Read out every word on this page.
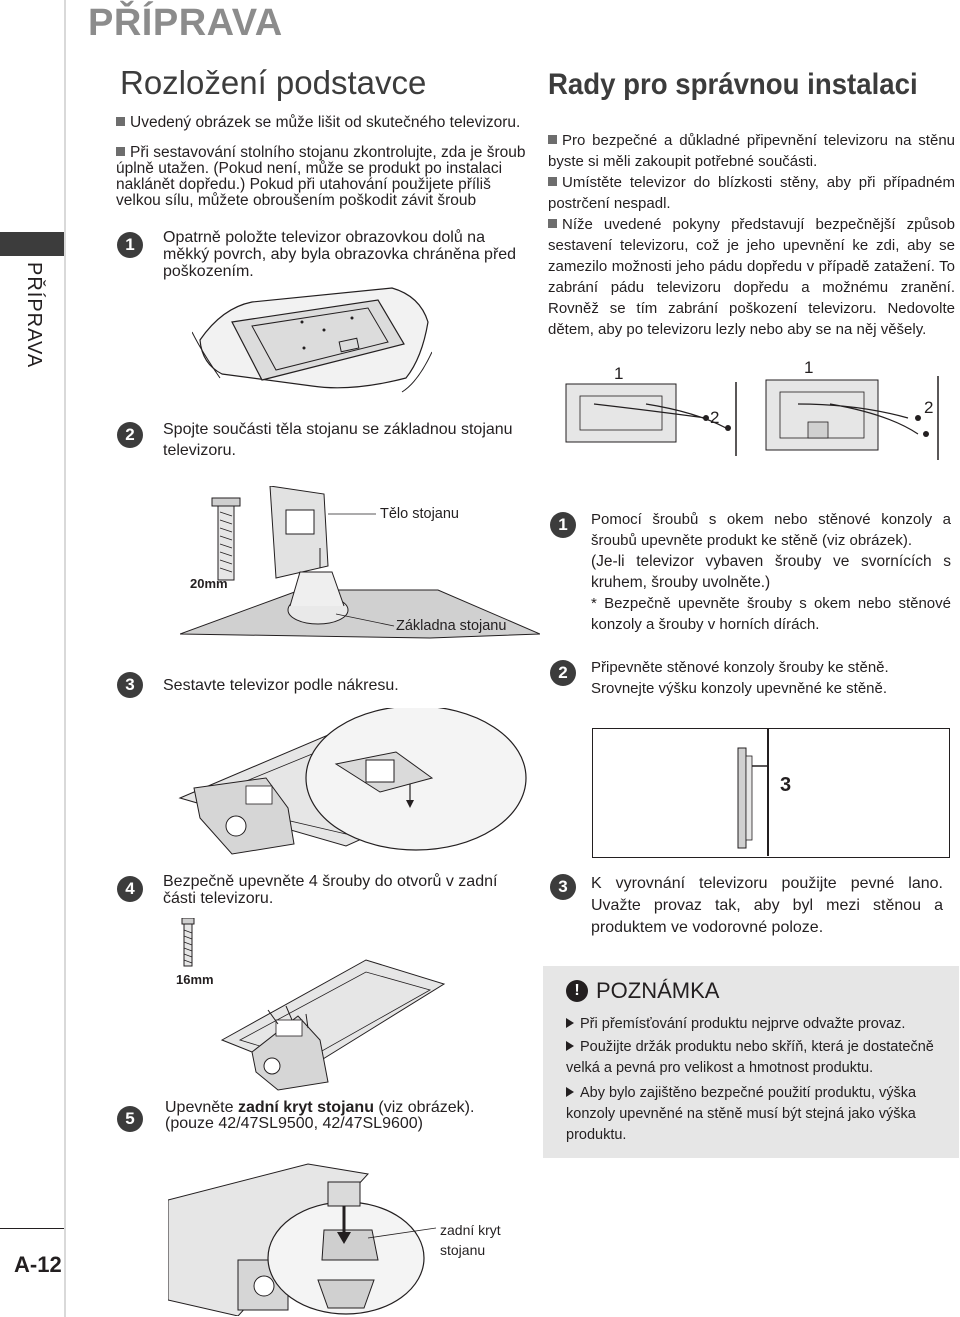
PŘÍPRAVA
A-12
PŘÍPRAVA
Rozložení podstavce
Uvedený obrázek se může lišit od skutečného televizoru.
Při sestavování stolního stojanu zkontrolujte, zda je šroub úplně utažen. (Pokud není, může se produkt po instalaci naklánět dopředu.) Pokud při utahování použijete příliš velkou sílu, můžete obroušením poškodit závit šroub
1	Opatrně položte televizor obrazovkou dolů na měkký povrch, aby byla obrazovka chráněna před poškozením.
2	Spojte součásti těla stojanu se základnou stojanu televizoru.
20mm
Tělo stojanu
Základna stojanu
3	Sestavte televizor podle nákresu.
4	Bezpečně upevněte 4 šrouby do otvorů v zadní části televizoru.
16mm
5
Upevněte zadní kryt stojanu (viz obrázek).
(pouze 42/47SL9500, 42/47SL9600)
zadní kryt
stojanu
Rady pro správnou instalaci
Pro bezpečné a důkladné připevnění televizoru na stěnu byste si měli zakoupit potřebné součásti.
Umístěte televizor do blízkosti stěny, aby při případném postrčení nespadl.
Níže uvedené pokyny představují bezpečnější způsob sestavení televizoru, což je jeho upevnění ke zdi, aby se zamezilo možnosti jeho pádu dopředu v případě zatažení. To zabrání pádu televizoru dopředu a možnému zranění. Rovněž se tím zabrání poškození televizoru. Nedovolte dětem, aby po televizoru lezly nebo aby se na něj věšely.
1
2
1
2
1	Pomocí šroubů s okem nebo stěnové konzoly a šroubů upevněte produkt ke stěně (viz obrázek).
(Je-li televizor vybaven šrouby ve svornících s kruhem, šrouby uvolněte.)
* Bezpečně upevněte šrouby s okem nebo stěnové konzoly a šrouby v horních dírách.
2	Připevněte stěnové konzoly šrouby ke stěně.
Srovnejte výšku konzoly upevněné ke stěně.
3
3	K vyrovnání televizoru použijte pevné lano. Uvažte provaz tak, aby byl mezi stěnou a produktem ve vodorovné poloze.
! POZNÁMKA
Při přemísťování produktu nejprve odvažte provaz.
Použijte držák produktu nebo skříň, která je dostatečně velká a pevná pro velikost a hmotnost produktu.
Aby bylo zajištěno bezpečné použití produktu, výška konzoly upevněné na stěně musí být stejná jako výška produktu.
